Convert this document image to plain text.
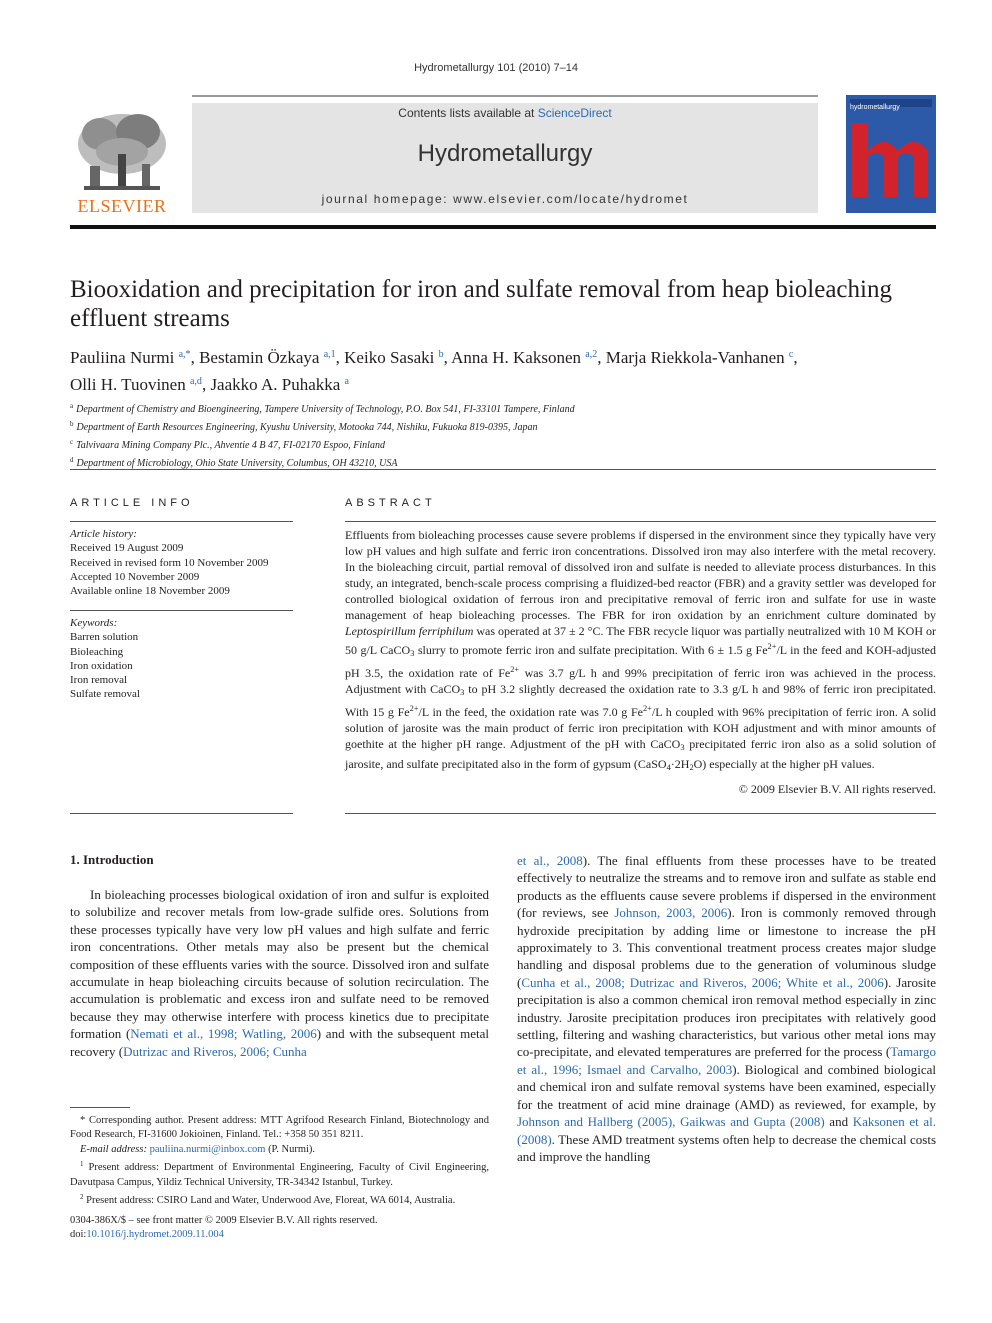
Hydrometallurgy 101 (2010) 7–14
Contents lists available at ScienceDirect
Hydrometallurgy
journal homepage: www.elsevier.com/locate/hydromet
ELSEVIER
hydrometallurgy
Biooxidation and precipitation for iron and sulfate removal from heap bioleaching effluent streams
Pauliina Nurmi $^{a,*}$, Bestamin Özkaya $^{a,1}$, Keiko Sasaki $^b$, Anna H. Kaksonen $^{a,2}$, Marja Riekkola-Vanhanen $^c$,
Olli H. Tuovinen $^{a,d}$, Jaakko A. Puhakka $^a$
$^a$ Department of Chemistry and Bioengineering, Tampere University of Technology, P.O. Box 541, FI-33101 Tampere, Finland
$^b$ Department of Earth Resources Engineering, Kyushu University, Motooka 744, Nishiku, Fukuoka 819-0395, Japan
$^c$ Talvivaara Mining Company Plc., Ahventie 4 B 47, FI-02170 Espoo, Finland
$^d$ Department of Microbiology, Ohio State University, Columbus, OH 43210, USA
ARTICLE INFO	ABSTRACT
Article history:
Received 19 August 2009
Received in revised form 10 November 2009
Accepted 10 November 2009
Available online 18 November 2009
Keywords:
Barren solution
Bioleaching
Iron oxidation
Iron removal
Sulfate removal
Effluents from bioleaching processes cause severe problems if dispersed in the environment since they typically have very low pH values and high sulfate and ferric iron concentrations. Dissolved iron may also interfere with the metal recovery. In the bioleaching circuit, partial removal of dissolved iron and sulfate is needed to alleviate process disturbances. In this study, an integrated, bench-scale process comprising a fluidized-bed reactor (FBR) and a gravity settler was developed for controlled biological oxidation of ferrous iron and precipitative removal of ferric iron and sulfate for use in waste management of heap bioleaching processes. The FBR for iron oxidation by an enrichment culture dominated by Leptospirillum ferriphilum was operated at 37 ± 2 °C. The FBR recycle liquor was partially neutralized with 10 M KOH or 50 g/L CaCO$_3$ slurry to promote ferric iron and sulfate precipitation. With 6 ± 1.5 g $Fe^{2+}/L$ in the feed and KOH-adjusted pH 3.5, the oxidation rate of $Fe^{2+}$ was 3.7 g/L h and 99% precipitation of ferric iron was achieved in the process. Adjustment with CaCO$_3$ to pH 3.2 slightly decreased the oxidation rate to 3.3 g/L h and 98% of ferric iron precipitated. With 15 g $Fe^{2+}/L$ in the feed, the oxidation rate was 7.0 g $Fe^{2+}/L$ h coupled with 96% precipitation of ferric iron. A solid solution of jarosite was the main product of ferric iron precipitation with KOH adjustment and with minor amounts of goethite at the higher pH range. Adjustment of the pH with CaCO$_3$ precipitated ferric iron also as a solid solution of jarosite, and sulfate precipitated also in the form of gypsum $(CaSO_4\cdot 2H_2O)$ especially at the higher pH values.
© 2009 Elsevier B.V. All rights reserved.
1. Introduction
In bioleaching processes biological oxidation of iron and sulfur is exploited to solubilize and recover metals from low-grade sulfide ores. Solutions from these processes typically have very low pH values and high sulfate and ferric iron concentrations. Other metals may also be present but the chemical composition of these effluents varies with the source. Dissolved iron and sulfate accumulate in heap bioleaching circuits because of solution recirculation. The accumulation is problematic and excess iron and sulfate need to be removed because they may otherwise interfere with process kinetics due to precipitate formation (Nemati et al., 1998; Watling, 2006) and with the subsequent metal recovery (Dutrizac and Riveros, 2006; Cunha
et al., 2008). The final effluents from these processes have to be treated effectively to neutralize the streams and to remove iron and sulfate as stable end products as the effluents cause severe problems if dispersed in the environment (for reviews, see Johnson, 2003, 2006). Iron is commonly removed through hydroxide precipitation by adding lime or limestone to increase the pH approximately to 3. This conventional treatment process creates major sludge handling and disposal problems due to the generation of voluminous sludge (Cunha et al., 2008; Dutrizac and Riveros, 2006; White et al., 2006). Jarosite precipitation is also a common chemical iron removal method especially in zinc industry. Jarosite precipitation produces iron precipitates with relatively good settling, filtering and washing characteristics, but various other metal ions may co-precipitate, and elevated temperatures are preferred for the process (Tamargo et al., 1996; Ismael and Carvalho, 2003). Biological and combined biological and chemical iron and sulfate removal systems have been examined, especially for the treatment of acid mine drainage (AMD) as reviewed, for example, by Johnson and Hallberg (2005), Gaikwas and Gupta (2008) and Kaksonen et al. (2008). These AMD treatment systems often help to decrease the chemical costs and improve the handling
* Corresponding author. Present address: MTT Agrifood Research Finland, Biotechnology and Food Research, FI-31600 Jokioinen, Finland. Tel.: +358 50 351 8211.
E-mail address: pauliina.nurmi@inbox.com (P. Nurmi).
$^1$ Present address: Department of Environmental Engineering, Faculty of Civil Engineering, Davutpasa Campus, Yildiz Technical University, TR-34342 Istanbul, Turkey.
$^2$ Present address: CSIRO Land and Water, Underwood Ave, Floreat, WA 6014, Australia.
0304-386X/$ – see front matter © 2009 Elsevier B.V. All rights reserved.
doi:10.1016/j.hydromet.2009.11.004
